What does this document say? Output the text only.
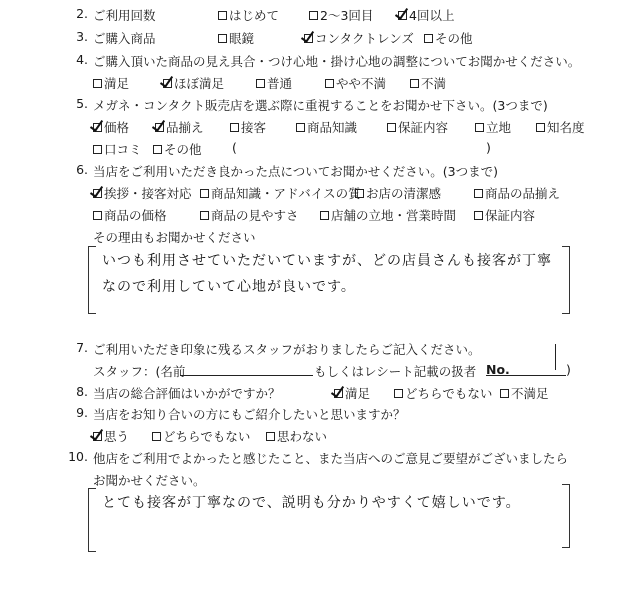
2. ご利用回数	はじめて	2～3回目	4回以上
3. ご購入商品	眼鏡	コンタクトレンズ その他
4. ご購入頂いた商品の見え具合・つけ心地・掛け心地の調整についてお聞かせください。
満足	ほぼ満足	普通	やや不満	不満
5. メガネ・コンタクト販売店を選ぶ際に重視することをお聞かせ下さい。(3つまで)
価格	品揃え	接客	商品知識	保証内容	立地	知名度
口コミ その他 (	)
6. 当店をご利用いただき良かった点についてお聞かせください。(3つまで)
挨拶・接客対応 商品知識・アドバイスの質 お店の清潔感	商品の品揃え
商品の価格	商品の見やすさ	店舗の立地・営業時間 保証内容
その理由もお聞かせください
いつも利用させていただいていますが、どの店員さんも接客が丁寧
なので利用していて心地が良いです。
7. ご利用いただき印象に残るスタッフがおりましたらご記入ください。
スタッフ：(名前	もしくはレシート記載の扱者 No.	)
8. 当店の総合評価はいかがですか？	満足	どちらでもない 不満足
9. 当店をお知り合いの方にもご紹介したいと思いますか？
思う	どちらでもない 思わない
10. 他店をご利用でよかったと感じたこと、また当店へのご意見ご要望がございましたら
お聞かせください。
とても接客が丁寧なので、説明も分かりやすくて嬉しいです。
